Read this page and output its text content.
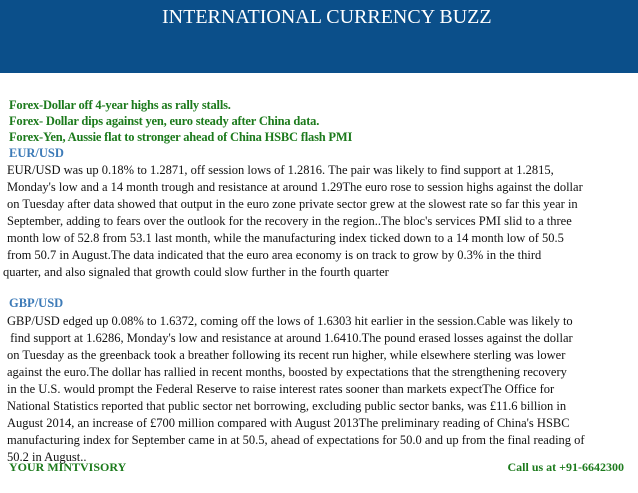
INTERNATIONAL CURRENCY BUZZ
Forex-Dollar off 4-year highs as rally stalls.
Forex- Dollar dips against yen, euro steady after China data.
Forex-Yen, Aussie flat to stronger ahead of China HSBC flash PMI
EUR/USD
EUR/USD was up 0.18% to 1.2871, off session lows of 1.2816. The pair was likely to find support at 1.2815,
Monday's low and a 14 month trough and resistance at around 1.29The euro rose to session highs against the dollar
on Tuesday after data showed that output in the euro zone private sector grew at the slowest rate so far this year in
September, adding to fears over the outlook for the recovery in the region..The bloc's services PMI slid to a three
month low of 52.8 from 53.1 last month, while the manufacturing index ticked down to a 14 month low of 50.5
from 50.7 in August.The data indicated that the euro area economy is on track to grow by 0.3% in the third
quarter, and also signaled that growth could slow further in the fourth quarter
GBP/USD
GBP/USD edged up 0.08% to 1.6372, coming off the lows of 1.6303 hit earlier in the session.Cable was likely to
find support at 1.6286, Monday's low and resistance at around 1.6410.The pound erased losses against the dollar
on Tuesday as the greenback took a breather following its recent run higher, while elsewhere sterling was lower
against the euro.The dollar has rallied in recent months, boosted by expectations that the strengthening recovery
in the U.S. would prompt the Federal Reserve to raise interest rates sooner than markets expectThe Office for
National Statistics reported that public sector net borrowing, excluding public sector banks, was £11.6 billion in
August 2014, an increase of £700 million compared with August 2013The preliminary reading of China's HSBC
manufacturing index for September came in at 50.5, ahead of expectations for 50.0 and up from the final reading of
50.2 in August..
YOUR MINTVISORY	Call us at +91-6642300
